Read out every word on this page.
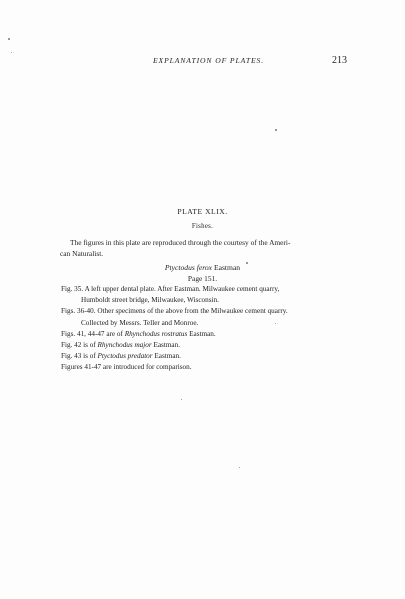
EXPLANATION OF PLATES.	213
PLATE XLIX.
Fishes.
The figures in this plate are reproduced through the courtesy of the Ameri-
can Naturalist.
Ptyctodus ferox Eastman
Page 151.
Fig. 35. A left upper dental plate. After Eastman. Milwaukee cement quarry,
Humboldt street bridge, Milwaukee, Wisconsin.
Figs. 36-40. Other specimens of the above from the Milwaukee cement quarry.
Collected by Messrs. Teller and Monroe.
Figs. 41, 44-47 are of Rhynchodus rostratus Eastman.
Fig. 42 is of Rhynchodus major Eastman.
Fig. 43 is of Ptyctodus predator Eastman.
Figures 41-47 are introduced for comparison.
